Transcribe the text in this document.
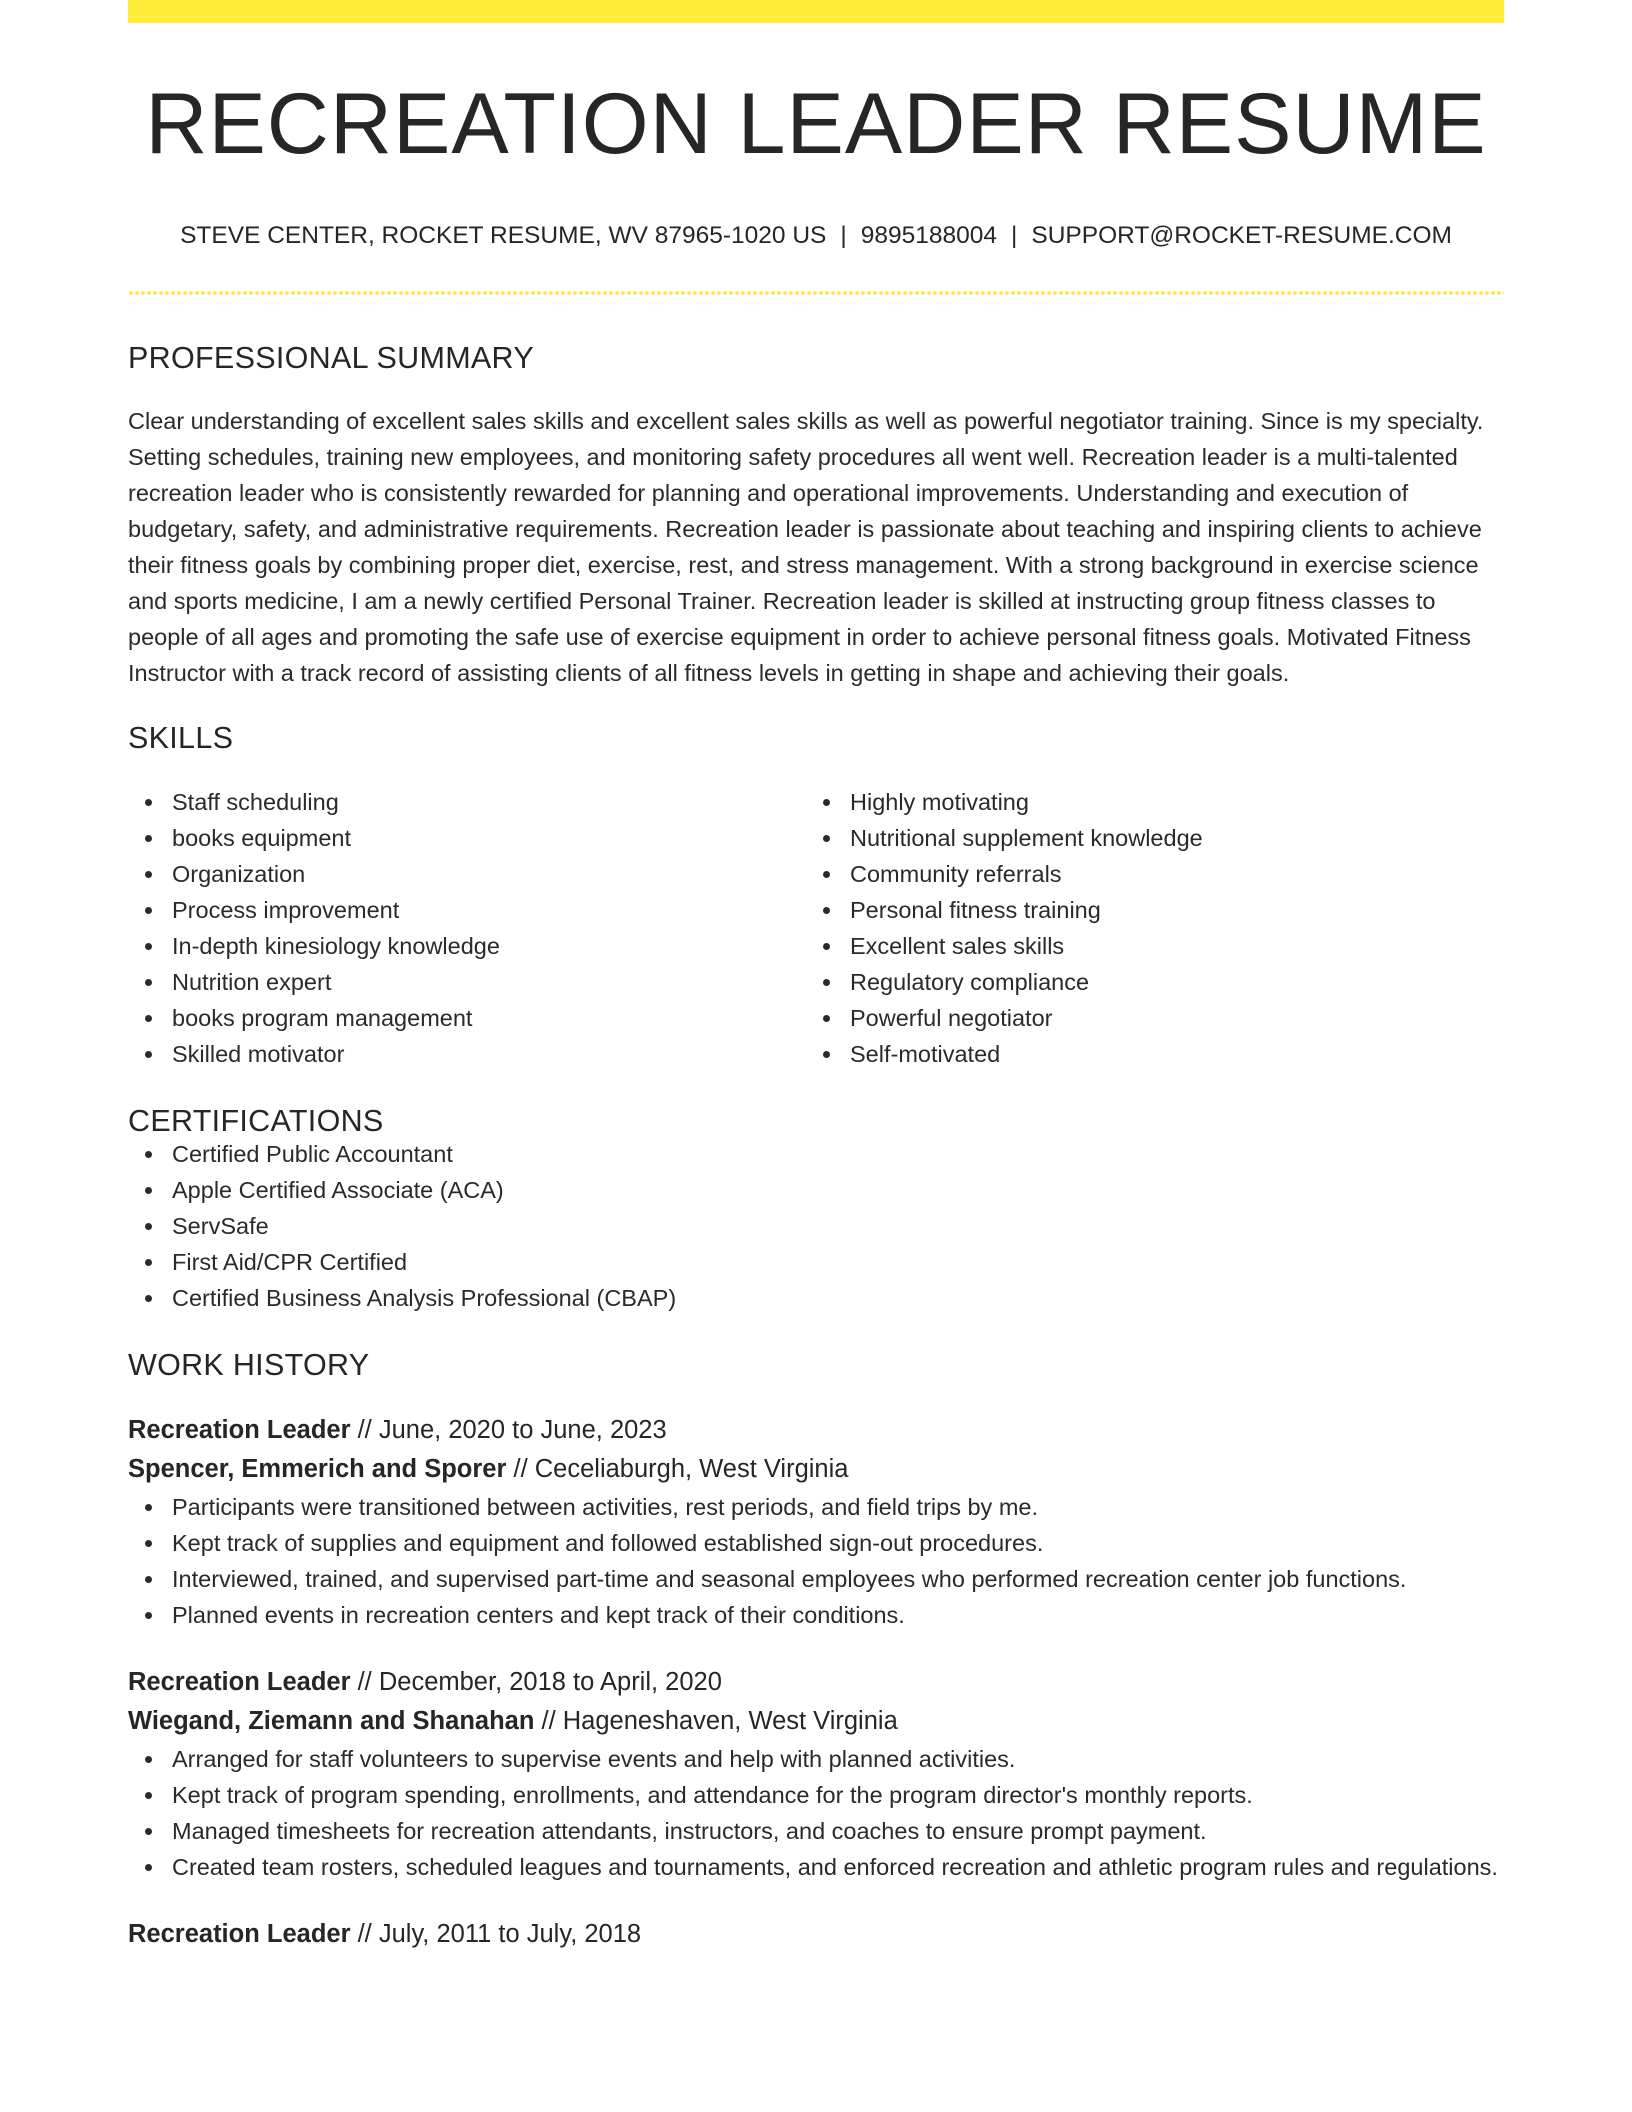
RECREATION LEADER RESUME
STEVE CENTER, ROCKET RESUME, WV 87965-1020 US | 9895188004 | SUPPORT@ROCKET-RESUME.COM
PROFESSIONAL SUMMARY
Clear understanding of excellent sales skills and excellent sales skills as well as powerful negotiator training. Since is my specialty. Setting schedules, training new employees, and monitoring safety procedures all went well. Recreation leader is a multi-talented recreation leader who is consistently rewarded for planning and operational improvements. Understanding and execution of budgetary, safety, and administrative requirements. Recreation leader is passionate about teaching and inspiring clients to achieve their fitness goals by combining proper diet, exercise, rest, and stress management. With a strong background in exercise science and sports medicine, I am a newly certified Personal Trainer. Recreation leader is skilled at instructing group fitness classes to people of all ages and promoting the safe use of exercise equipment in order to achieve personal fitness goals. Motivated Fitness Instructor with a track record of assisting clients of all fitness levels in getting in shape and achieving their goals.
SKILLS
Staff scheduling
books equipment
Organization
Process improvement
In-depth kinesiology knowledge
Nutrition expert
books program management
Skilled motivator
Highly motivating
Nutritional supplement knowledge
Community referrals
Personal fitness training
Excellent sales skills
Regulatory compliance
Powerful negotiator
Self-motivated
CERTIFICATIONS
Certified Public Accountant
Apple Certified Associate (ACA)
ServSafe
First Aid/CPR Certified
Certified Business Analysis Professional (CBAP)
WORK HISTORY
Recreation Leader // June, 2020 to June, 2023
Spencer, Emmerich and Sporer // Ceceliaburgh, West Virginia
Participants were transitioned between activities, rest periods, and field trips by me.
Kept track of supplies and equipment and followed established sign-out procedures.
Interviewed, trained, and supervised part-time and seasonal employees who performed recreation center job functions.
Planned events in recreation centers and kept track of their conditions.
Recreation Leader // December, 2018 to April, 2020
Wiegand, Ziemann and Shanahan // Hageneshaven, West Virginia
Arranged for staff volunteers to supervise events and help with planned activities.
Kept track of program spending, enrollments, and attendance for the program director's monthly reports.
Managed timesheets for recreation attendants, instructors, and coaches to ensure prompt payment.
Created team rosters, scheduled leagues and tournaments, and enforced recreation and athletic program rules and regulations.
Recreation Leader // July, 2011 to July, 2018
